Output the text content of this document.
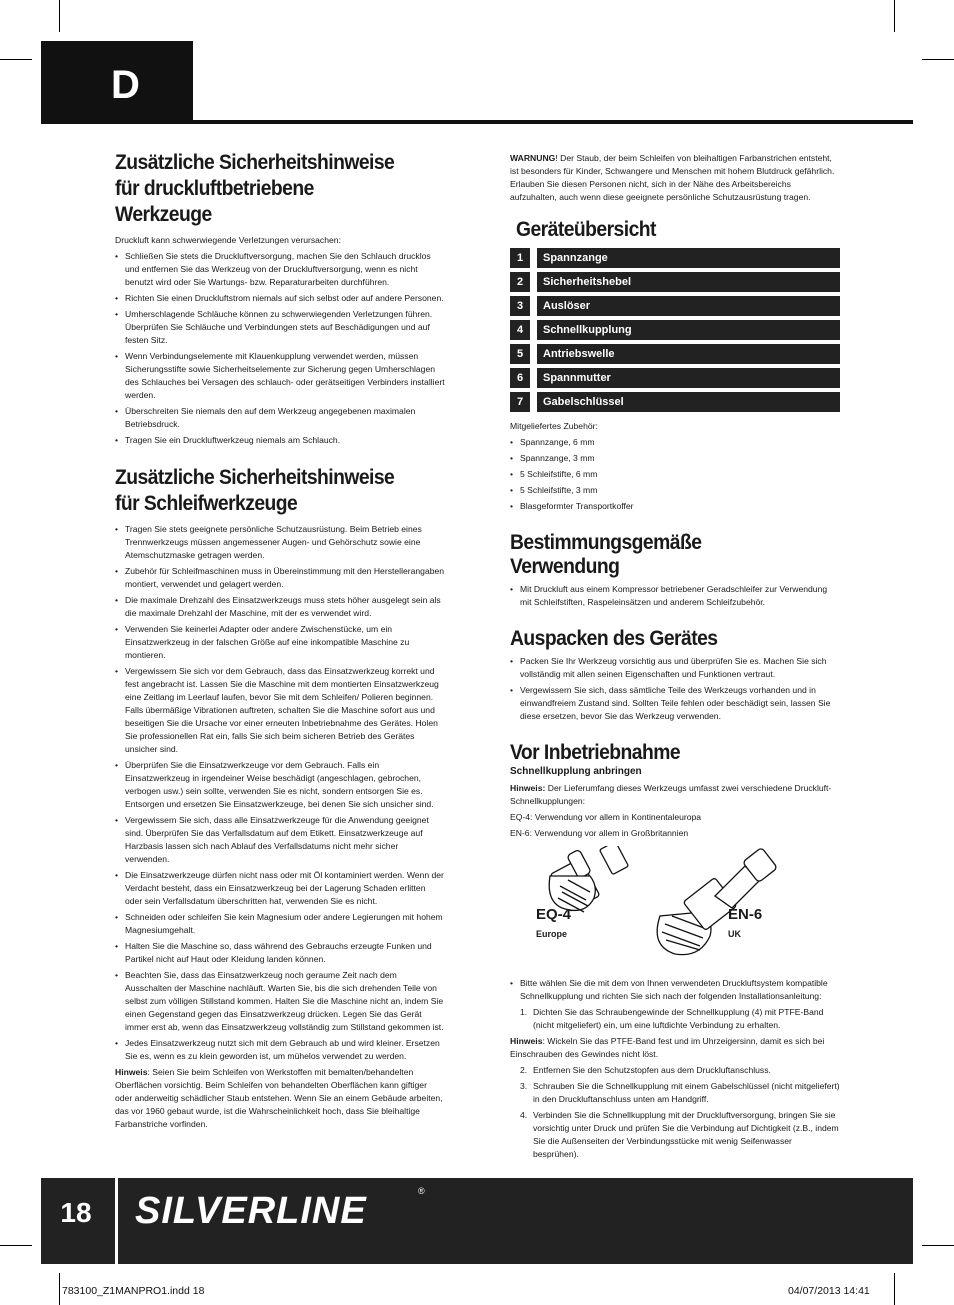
D
Zusätzliche Sicherheitshinweise
für druckluftbetriebene
Werkzeuge

Druckluft kann schwerwiegende Verletzungen verursachen:

• Schließen Sie stets die Druckluftversorgung, machen Sie den Schlauch drucklos und entfernen Sie das Werkzeug von der Druckluftversorgung, wenn es nicht benutzt wird oder Sie Wartungs- bzw. Reparaturarbeiten durchführen.
• Richten Sie einen Druckluftstrom niemals auf sich selbst oder auf andere Personen.
• Umherschlagende Schläuche können zu schwerwiegenden Verletzungen führen. Überprüfen Sie Schläuche und Verbindungen stets auf Beschädigungen und auf festen Sitz.
• Wenn Verbindungselemente mit Klauenkupplung verwendet werden, müssen Sicherungsstifte sowie Sicherheitselemente zur Sicherung gegen Umherschlagen des Schlauches bei Versagen des schlauch- oder gerätseitigen Verbinders installiert werden.
• Überschreiten Sie niemals den auf dem Werkzeug angegebenen maximalen Betriebsdruck.
• Tragen Sie ein Druckluftwerkzeug niemals am Schlauch.
Zusätzliche Sicherheitshinweise
für Schleifwerkzeuge
• Tragen Sie stets geeignete persönliche Schutzausrüstung. Beim Betrieb eines Trennwerkzeugs müssen angemessener Augen- und Gehörschutz sowie eine Atemschutzmaske getragen werden.
• Zubehör für Schleifmaschinen muss in Übereinstimmung mit den Herstellerangaben montiert, verwendet und gelagert werden.
• Die maximale Drehzahl des Einsatzwerkzeugs muss stets höher ausgelegt sein als die maximale Drehzahl der Maschine, mit der es verwendet wird.
• Verwenden Sie keinerlei Adapter oder andere Zwischenstücke, um ein Einsatzwerkzeug in der falschen Größe auf eine inkompatible Maschine zu montieren.
• Vergewissern Sie sich vor dem Gebrauch, dass das Einsatzwerkzeug korrekt und fest angebracht ist. Lassen Sie die Maschine mit dem montierten Einsatzwerkzeug eine Zeitlang im Leerlauf laufen, bevor Sie mit dem Schleifen/ Polieren beginnen. Falls übermäßige Vibrationen auftreten, schalten Sie die Maschine sofort aus und beseitigen Sie die Ursache vor einer erneuten Inbetriebnahme des Gerätes. Holen Sie professionellen Rat ein, falls Sie sich beim sicheren Betrieb des Gerätes unsicher sind.
• Überprüfen Sie die Einsatzwerkzeuge vor dem Gebrauch. Falls ein Einsatzwerkzeug in irgendeiner Weise beschädigt (angeschlagen, gebrochen, verbogen usw.) sein sollte, verwenden Sie es nicht, sondern entsorgen Sie es. Entsorgen und ersetzen Sie Einsatzwerkzeuge, bei denen Sie sich unsicher sind.
• Vergewissern Sie sich, dass alle Einsatzwerkzeuge für die Anwendung geeignet sind. Überprüfen Sie das Verfallsdatum auf dem Etikett. Einsatzwerkzeuge auf Harzbasis lassen sich nach Ablauf des Verfallsdatums nicht mehr sicher verwenden.
• Die Einsatzwerkzeuge dürfen nicht nass oder mit Öl kontaminiert werden. Wenn der Verdacht besteht, dass ein Einsatzwerkzeug bei der Lagerung Schaden erlitten oder sein Verfallsdatum überschritten hat, verwenden Sie es nicht.
• Schneiden oder schleifen Sie kein Magnesium oder andere Legierungen mit hohem Magnesiumgehalt.
• Halten Sie die Maschine so, dass während des Gebrauchs erzeugte Funken und Partikel nicht auf Haut oder Kleidung landen können.
• Beachten Sie, dass das Einsatzwerkzeug noch geraume Zeit nach dem Ausschalten der Maschine nachläuft. Warten Sie, bis die sich drehenden Teile von selbst zum völligen Stillstand kommen. Halten Sie die Maschine nicht an, indem Sie einen Gegenstand gegen das Einsatzwerkzeug drücken. Legen Sie das Gerät immer erst ab, wenn das Einsatzwerkzeug vollständig zum Stillstand gekommen ist.
• Jedes Einsatzwerkzeug nutzt sich mit dem Gebrauch ab und wird kleiner. Ersetzen Sie es, wenn es zu klein geworden ist, um mühelos verwendet zu werden.

Hinweis: Seien Sie beim Schleifen von Werkstoffen mit bemalten/behandelten Oberflächen vorsichtig. Beim Schleifen von behandelten Oberflächen kann giftiger oder anderweitig schädlicher Staub entstehen. Wenn Sie an einem Gebäude arbeiten, das vor 1960 gebaut wurde, ist die Wahrscheinlichkeit hoch, dass Sie bleihaltige Farbanstriche vorfinden.

WARNUNG! Der Staub, der beim Schleifen von bleihaltigen Farbanstrichen entsteht, ist besonders für Kinder, Schwangere und Menschen mit hohem Blutdruck gefährlich. Erlauben Sie diesen Personen nicht, sich in der Nähe des Arbeitsbereichs aufzuhalten, auch wenn diese geeignete persönliche Schutzausrüstung tragen.

Geräteübersicht
1	Spannzange
2	Sicherheitshebel
3	Auslöser
4	Schnellkupplung
5	Antriebswelle
6	Spannmutter
7	Gabelschlüssel

Mitgeliefertes Zubehör:

• Spannzange, 6 mm
• Spannzange, 3 mm
• 5 Schleifstifte, 6 mm
• 5 Schleifstifte, 3 mm
• Blasgeformter Transportkoffer
Bestimmungsgemäße Verwendung
• Mit Druckluft aus einem Kompressor betriebener Geradschleifer zur Verwendung mit Schleifstiften, Raspeleinsätzen und anderem Schleifzubehör.
Auspacken des Gerätes
• Packen Sie Ihr Werkzeug vorsichtig aus und überprüfen Sie es. Machen Sie sich vollständig mit allen seinen Eigenschaften und Funktionen vertraut.
• Vergewissern Sie sich, dass sämtliche Teile des Werkzeugs vorhanden und in einwandfreiem Zustand sind. Sollten Teile fehlen oder beschädigt sein, lassen Sie diese ersetzen, bevor Sie das Werkzeug verwenden.
Vor Inbetriebnahme
Schnellkupplung anbringen

Hinweis: Der Lieferumfang dieses Werkzeugs umfasst zwei verschiedene Druckluft-Schnellkupplungen:

EQ-4: Verwendung vor allem in Kontinentaleuropa

EN-6: Verwendung vor allem in Großbritannien

EQ-4
Europe
EN-6
UK
• Bitte wählen Sie die mit dem von Ihnen verwendeten Druckluftsystem kompatible Schnellkupplung und richten Sie sich nach der folgenden Installationsanleitung:
1. Dichten Sie das Schraubengewinde der Schnellkupplung (4) mit PTFE-Band (nicht mitgeliefert) ein, um eine luftdichte Verbindung zu erhalten.

Hinweis: Wickeln Sie das PTFE-Band fest und im Uhrzeigersinn, damit es sich bei Einschrauben des Gewindes nicht löst.

2. Entfernen Sie den Schutzstopfen aus dem Druckluftanschluss.
3. Schrauben Sie die Schnellkupplung mit einem Gabelschlüssel (nicht mitgeliefert) in den Druckluftanschluss unten am Handgriff.
4. Verbinden Sie die Schnellkupplung mit der Druckluftversorgung, bringen Sie sie vorsichtig unter Druck und prüfen Sie die Verbindung auf Dichtigkeit (z.B., indem Sie die Außenseiten der Verbindungsstücke mit wenig Seifenwasser besprühen).
18	SILVERLINE	®
783100_Z1MANPRO1.indd 18	04/07/2013 14:41
